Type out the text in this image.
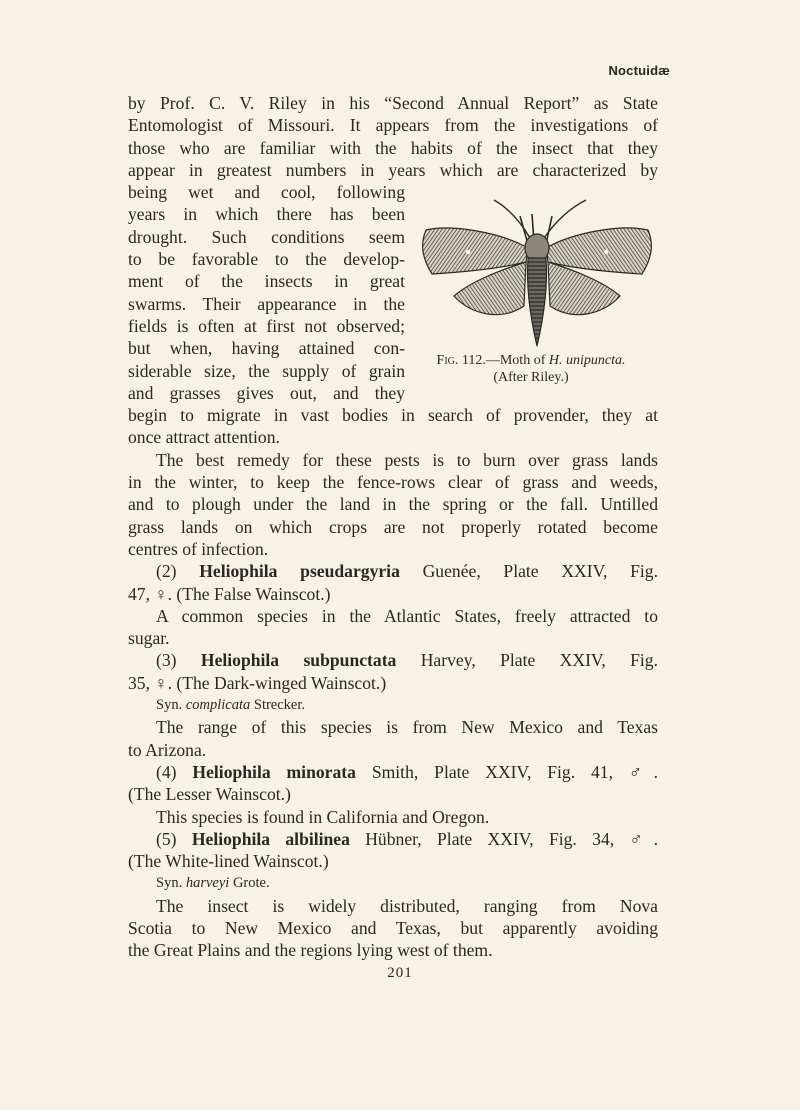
Noctuidæ
by Prof. C. V. Riley in his “Second Annual Report” as State
Entomologist of Missouri. It appears from the investigations of
those who are familiar with the habits of the insect that they
appear in greatest numbers in years which are characterized by
being wet and cool, following
years in which there has been
drought. Such conditions seem
to be favorable to the develop-
ment of the insects in great
swarms. Their appearance in the
fields is often at first not observed;
but when, having attained con-
siderable size, the supply of grain
and grasses gives out, and they
begin to migrate in vast bodies in search of provender, they at
once attract attention.
The best remedy for these pests is to burn over grass lands
in the winter, to keep the fence-rows clear of grass and weeds,
and to plough under the land in the spring or the fall. Untilled
grass lands on which crops are not properly rotated become
centres of infection.
(2) Heliophila pseudargyria Guenée, Plate XXIV, Fig.
47, ♀. (The False Wainscot.)
A common species in the Atlantic States, freely attracted to
sugar.
(3) Heliophila subpunctata Harvey, Plate XXIV, Fig.
35, ♀. (The Dark-winged Wainscot.)
Syn. complicata Strecker.
The range of this species is from New Mexico and Texas
to Arizona.
(4) Heliophila minorata Smith, Plate XXIV, Fig. 41, ♂.
(The Lesser Wainscot.)
This species is found in California and Oregon.
(5) Heliophila albilinea Hübner, Plate XXIV, Fig. 34, ♂.
(The White-lined Wainscot.)
Syn. harveyi Grote.
The insect is widely distributed, ranging from Nova
Scotia to New Mexico and Texas, but apparently avoiding
the Great Plains and the regions lying west of them.
Fig. 112.—Moth of H. unipuncta.
(After Riley.)
201
